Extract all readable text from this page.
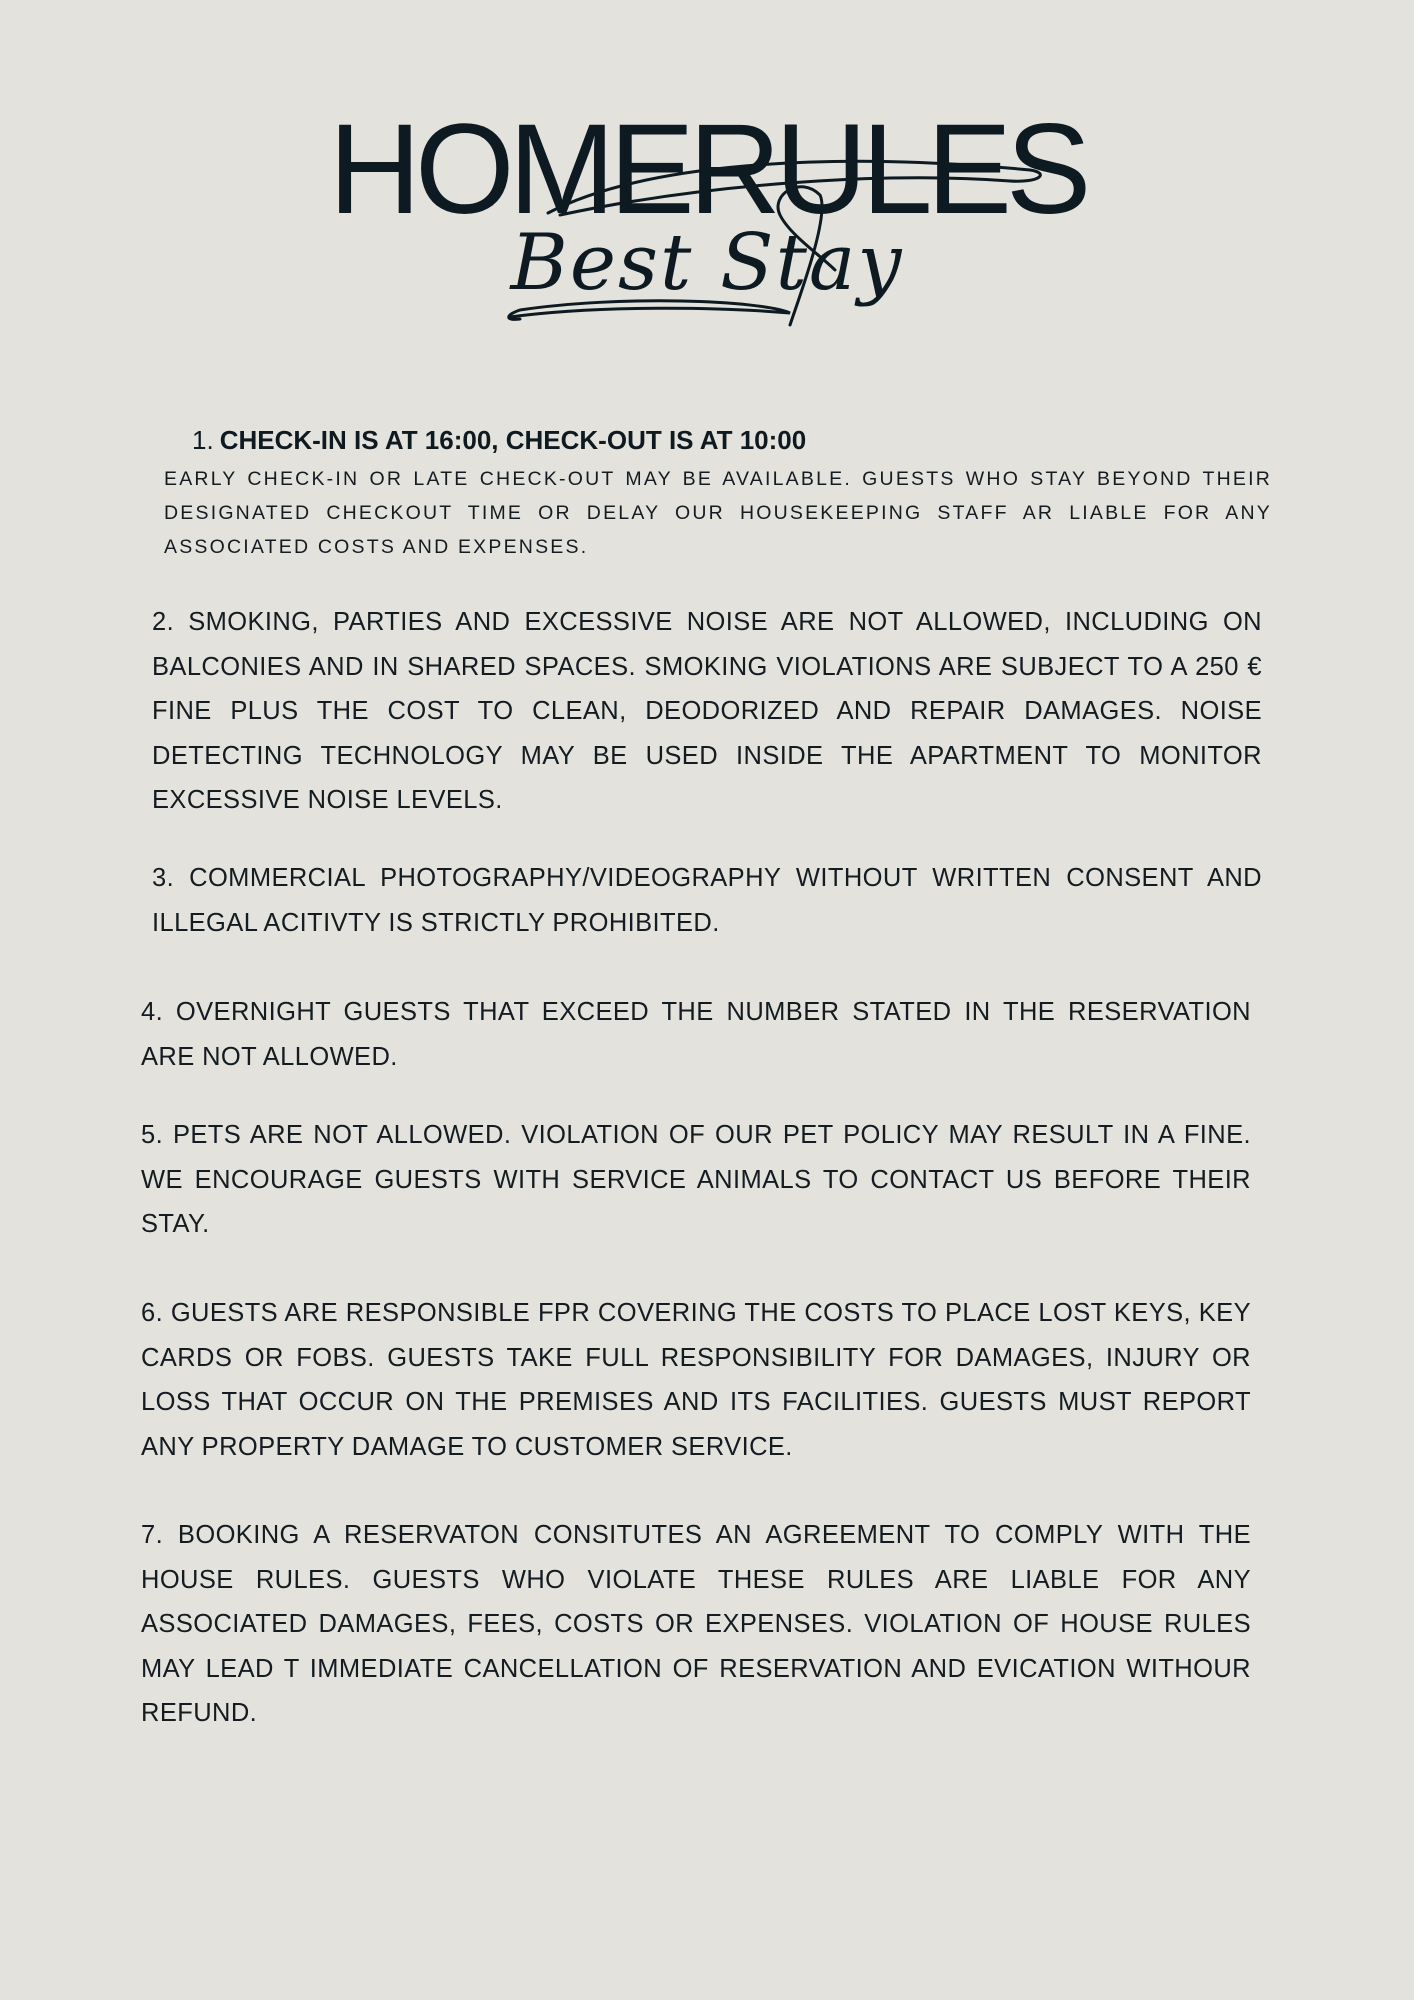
HOMERULES
Best Stay
1. CHECK-IN IS AT 16:00, CHECK-OUT IS AT 10:00
EARLY CHECK-IN OR LATE CHECK-OUT MAY BE AVAILABLE. GUESTS WHO STAY BEYOND THEIR DESIGNATED CHECKOUT TIME OR DELAY OUR HOUSEKEEPING STAFF AR LIABLE FOR ANY ASSOCIATED COSTS AND EXPENSES.
2. SMOKING, PARTIES AND EXCESSIVE NOISE ARE NOT ALLOWED, INCLUDING ON BALCONIES AND IN SHARED SPACES. SMOKING VIOLATIONS ARE SUBJECT TO A 250 € FINE PLUS THE COST TO CLEAN, DEODORIZED AND REPAIR DAMAGES. NOISE DETECTING TECHNOLOGY MAY BE USED INSIDE THE APARTMENT TO MONITOR EXCESSIVE NOISE LEVELS.
3. COMMERCIAL PHOTOGRAPHY/VIDEOGRAPHY WITHOUT WRITTEN CONSENT AND ILLEGAL ACITIVTY IS STRICTLY PROHIBITED.
4. OVERNIGHT GUESTS THAT EXCEED THE NUMBER STATED IN THE RESERVATION ARE NOT ALLOWED.
5. PETS ARE NOT ALLOWED. VIOLATION OF OUR PET POLICY MAY RESULT IN A FINE. WE ENCOURAGE GUESTS WITH SERVICE ANIMALS TO CONTACT US BEFORE THEIR STAY.
6. GUESTS ARE RESPONSIBLE FPR COVERING THE COSTS TO PLACE LOST KEYS, KEY CARDS OR FOBS. GUESTS TAKE FULL RESPONSIBILITY FOR DAMAGES, INJURY OR LOSS THAT OCCUR ON THE PREMISES AND ITS FACILITIES. GUESTS MUST REPORT ANY PROPERTY DAMAGE TO CUSTOMER SERVICE.
7. BOOKING A RESERVATON CONSITUTES AN AGREEMENT TO COMPLY WITH THE HOUSE RULES. GUESTS WHO VIOLATE THESE RULES ARE LIABLE FOR ANY ASSOCIATED DAMAGES, FEES, COSTS OR EXPENSES. VIOLATION OF HOUSE RULES MAY LEAD T IMMEDIATE CANCELLATION OF RESERVATION AND EVICATION WITHOUR REFUND.
